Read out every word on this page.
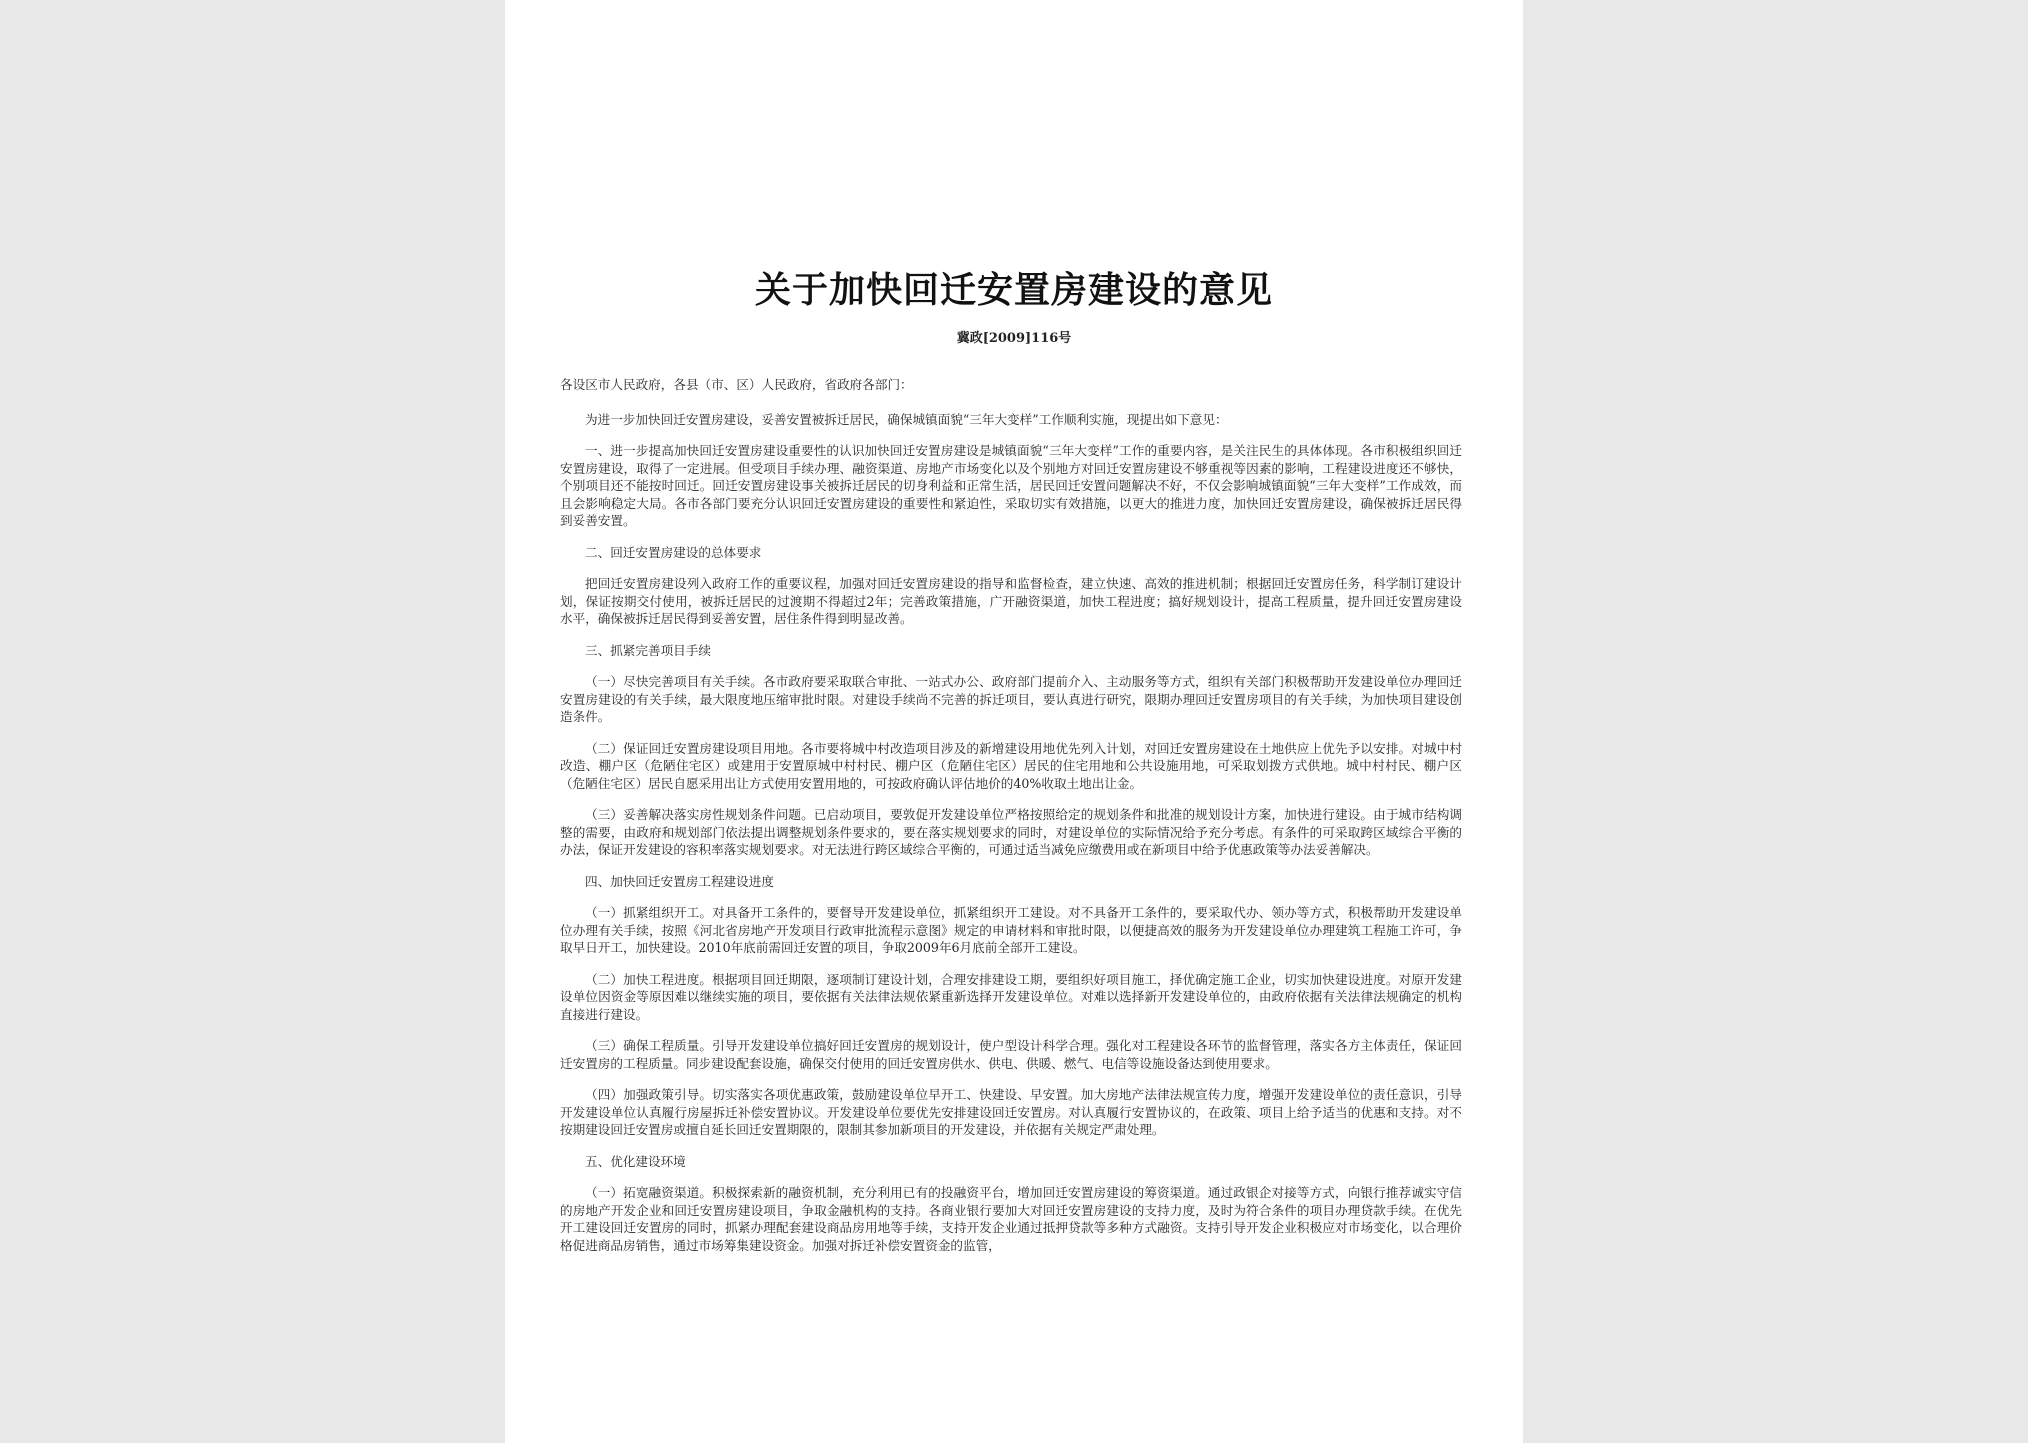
关于加快回迁安置房建设的意见
冀政[2009]116号

各设区市人民政府，各县（市、区）人民政府，省政府各部门：

为进一步加快回迁安置房建设，妥善安置被拆迁居民，确保城镇面貌“三年大变样”工作顺利实施，现提出如下意见：

一、进一步提高加快回迁安置房建设重要性的认识加快回迁安置房建设是城镇面貌“三年大变样”工作的重要内容，是关注民生的具体体现。各市积极组织回迁安置房建设，取得了一定进展。但受项目手续办理、融资渠道、房地产市场变化以及个别地方对回迁安置房建设不够重视等因素的影响，工程建设进度还不够快，个别项目还不能按时回迁。回迁安置房建设事关被拆迁居民的切身利益和正常生活，居民回迁安置问题解决不好，不仅会影响城镇面貌“三年大变样”工作成效，而且会影响稳定大局。各市各部门要充分认识回迁安置房建设的重要性和紧迫性，采取切实有效措施，以更大的推进力度，加快回迁安置房建设，确保被拆迁居民得到妥善安置。

二、回迁安置房建设的总体要求

把回迁安置房建设列入政府工作的重要议程，加强对回迁安置房建设的指导和监督检查，建立快速、高效的推进机制；根据回迁安置房任务，科学制订建设计划，保证按期交付使用，被拆迁居民的过渡期不得超过2年；完善政策措施，广开融资渠道，加快工程进度；搞好规划设计，提高工程质量，提升回迁安置房建设水平，确保被拆迁居民得到妥善安置，居住条件得到明显改善。

三、抓紧完善项目手续

（一）尽快完善项目有关手续。各市政府要采取联合审批、一站式办公、政府部门提前介入、主动服务等方式，组织有关部门积极帮助开发建设单位办理回迁安置房建设的有关手续，最大限度地压缩审批时限。对建设手续尚不完善的拆迁项目，要认真进行研究，限期办理回迁安置房项目的有关手续，为加快项目建设创造条件。

（二）保证回迁安置房建设项目用地。各市要将城中村改造项目涉及的新增建设用地优先列入计划，对回迁安置房建设在土地供应上优先予以安排。对城中村改造、棚户区（危陋住宅区）或建用于安置原城中村村民、棚户区（危陋住宅区）居民的住宅用地和公共设施用地，可采取划拨方式供地。城中村村民、棚户区（危陋住宅区）居民自愿采用出让方式使用安置用地的，可按政府确认评估地价的40%收取土地出让金。

（三）妥善解决落实房性规划条件问题。已启动项目，要敦促开发建设单位严格按照给定的规划条件和批准的规划设计方案，加快进行建设。由于城市结构调整的需要，由政府和规划部门依法提出调整规划条件要求的，要在落实规划要求的同时，对建设单位的实际情况给予充分考虑。有条件的可采取跨区域综合平衡的办法，保证开发建设的容积率落实规划要求。对无法进行跨区域综合平衡的，可通过适当减免应缴费用或在新项目中给予优惠政策等办法妥善解决。

四、加快回迁安置房工程建设进度

（一）抓紧组织开工。对具备开工条件的，要督导开发建设单位，抓紧组织开工建设。对不具备开工条件的，要采取代办、领办等方式，积极帮助开发建设单位办理有关手续，按照《河北省房地产开发项目行政审批流程示意图》规定的申请材料和审批时限，以便捷高效的服务为开发建设单位办理建筑工程施工许可，争取早日开工，加快建设。2010年底前需回迁安置的项目，争取2009年6月底前全部开工建设。

（二）加快工程进度。根据项目回迁期限，逐项制订建设计划，合理安排建设工期，要组织好项目施工，择优确定施工企业，切实加快建设进度。对原开发建设单位因资金等原因难以继续实施的项目，要依据有关法律法规依紧重新选择开发建设单位。对难以选择新开发建设单位的，由政府依据有关法律法规确定的机构直接进行建设。

（三）确保工程质量。引导开发建设单位搞好回迁安置房的规划设计，使户型设计科学合理。强化对工程建设各环节的监督管理，落实各方主体责任，保证回迁安置房的工程质量。同步建设配套设施，确保交付使用的回迁安置房供水、供电、供暖、燃气、电信等设施设备达到使用要求。

（四）加强政策引导。切实落实各项优惠政策，鼓励建设单位早开工、快建设、早安置。加大房地产法律法规宣传力度，增强开发建设单位的责任意识，引导开发建设单位认真履行房屋拆迁补偿安置协议。开发建设单位要优先安排建设回迁安置房。对认真履行安置协议的，在政策、项目上给予适当的优惠和支持。对不按期建设回迁安置房或擅自延长回迁安置期限的，限制其参加新项目的开发建设，并依据有关规定严肃处理。

五、优化建设环境

（一）拓宽融资渠道。积极探索新的融资机制，充分利用已有的投融资平台，增加回迁安置房建设的筹资渠道。通过政银企对接等方式，向银行推荐诚实守信的房地产开发企业和回迁安置房建设项目，争取金融机构的支持。各商业银行要加大对回迁安置房建设的支持力度，及时为符合条件的项目办理贷款手续。在优先开工建设回迁安置房的同时，抓紧办理配套建设商品房用地等手续，支持开发企业通过抵押贷款等多种方式融资。支持引导开发企业积极应对市场变化，以合理价格促进商品房销售，通过市场筹集建设资金。加强对拆迁补偿安置资金的监管，
